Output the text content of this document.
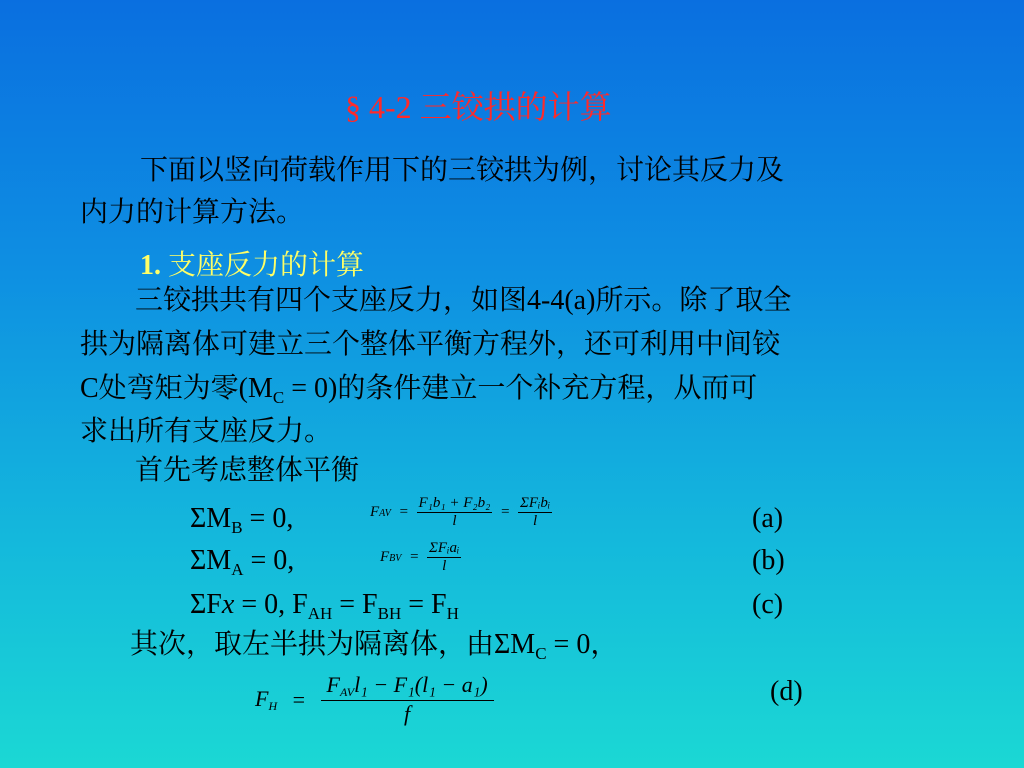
§ 4-2 三铰拱的计算
下面以竖向荷载作用下的三铰拱为例，讨论其反力及
内力的计算方法。
1. 支座反力的计算
三铰拱共有四个支座反力，如图4-4(a)所示。除了取全
拱为隔离体可建立三个整体平衡方程外，还可利用中间铰
C处弯矩为零$(M_C = 0)$的条件建立一个补充方程，从而可
求出所有支座反力。
首先考虑整体平衡
$\Sigma M_B = 0$,	FAV = $\frac{\text{F₁b₁ + F₂b₂}}{l} = \frac{\text{ΣFᵢbᵢ}}{l}$	(a)
$\Sigma M_A = 0$,	FBV = $\frac{\text{ΣFᵢaᵢ}}{l}$	(b)
ΣFx = 0, $F_{AH} = F_{BH} = F_H$	(c)
其次，取左半拱为隔离体，由$\Sigma M_C = 0$，
FH = $\frac{\text{FAVl₁ − F₁(l₁ − a₁)}}{f}$	(d)
